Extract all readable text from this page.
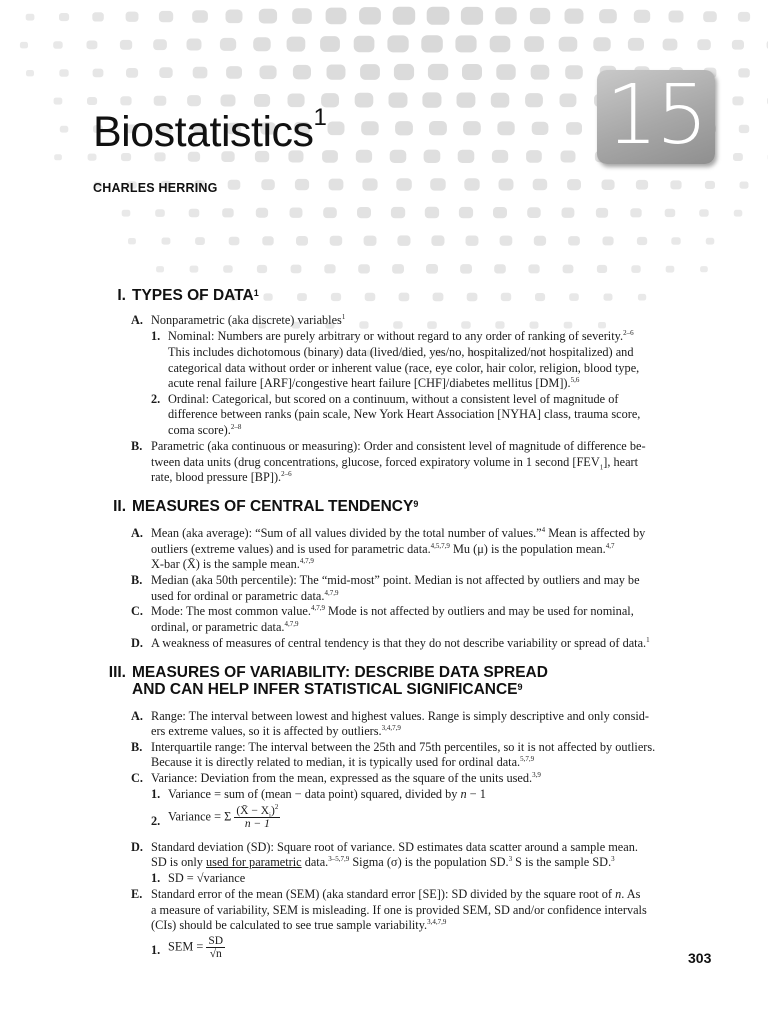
15
Biostatistics$^1$
CHARLES HERRING
I. TYPES OF DATA$^1$
A. Nonparametric (aka discrete) variables$^1$
1. Nominal: Numbers are purely arbitrary or without regard to any order of ranking of severity.$^{2-6}$
This includes dichotomous (binary) data (lived/died, yes/no, hospitalized/not hospitalized) and
categorical data without order or inherent value (race, eye color, hair color, religion, blood type,
acute renal failure [ARF]/congestive heart failure [CHF]/diabetes mellitus [DM]).$^{5,6}$
2. Ordinal: Categorical, but scored on a continuum, without a consistent level of magnitude of
difference between ranks (pain scale, New York Heart Association [NYHA] class, trauma score,
coma score).$^{2-8}$
B. Parametric (aka continuous or measuring): Order and consistent level of magnitude of difference be-
tween data units (drug concentrations, glucose, forced expiratory volume in 1 second $[FEV_1]$, heart
rate, blood pressure [BP]).$^{2-6}$
II. MEASURES OF CENTRAL TENDENCY$^9$
A. Mean (aka average): “Sum of all values divided by the total number of values.”$^4$ Mean is affected by
outliers (extreme values) and is used for parametric data.$^{4,5,7,9}$ Mu (μ) is the population mean.$^{4,7}$
X-bar (X̄) is the sample mean.$^{4,7,9}$
B. Median (aka 50th percentile): The “mid-most” point. Median is not affected by outliers and may be
used for ordinal or parametric data.$^{4,7,9}$
C. Mode: The most common value.$^{4,7,9}$ Mode is not affected by outliers and may be used for nominal,
ordinal, or parametric data.$^{4,7,9}$
D. A weakness of measures of central tendency is that they do not describe variability or spread of data.$^1$
III. MEASURES OF VARIABILITY: DESCRIBE DATA SPREAD
AND CAN HELP INFER STATISTICAL SIGNIFICANCE$^9$
A. Range: The interval between lowest and highest values. Range is simply descriptive and only consid-
ers extreme values, so it is affected by outliers.$^{3,4,7,9}$
B. Interquartile range: The interval between the 25th and 75th percentiles, so it is not affected by outliers.
Because it is directly related to median, it is typically used for ordinal data.$^{5,7,9}$
C. Variance: Deviation from the mean, expressed as the square of the units used.$^{3,9}$
1. Variance = sum of (mean − data point) squared, divided by n − 1
2. Variance = Σ $\frac{(X̄ - X_i)^2}{n - 1}$
D. Standard deviation (SD): Square root of variance. SD estimates data scatter around a sample mean.
SD is only used for parametric data.$^{3-5,7,9}$ Sigma (σ) is the population SD.$^3$ S is the sample SD.$^3$
1. SD = √variance
E. Standard error of the mean (SEM) (aka standard error [SE]): SD divided by the square root of n. As
a measure of variability, SEM is misleading. If one is provided SEM, SD and/or confidence intervals
(CIs) should be calculated to see true sample variability.$^{3,4,7,9}$
1. SEM = $\frac{SD}{√n}$	303
